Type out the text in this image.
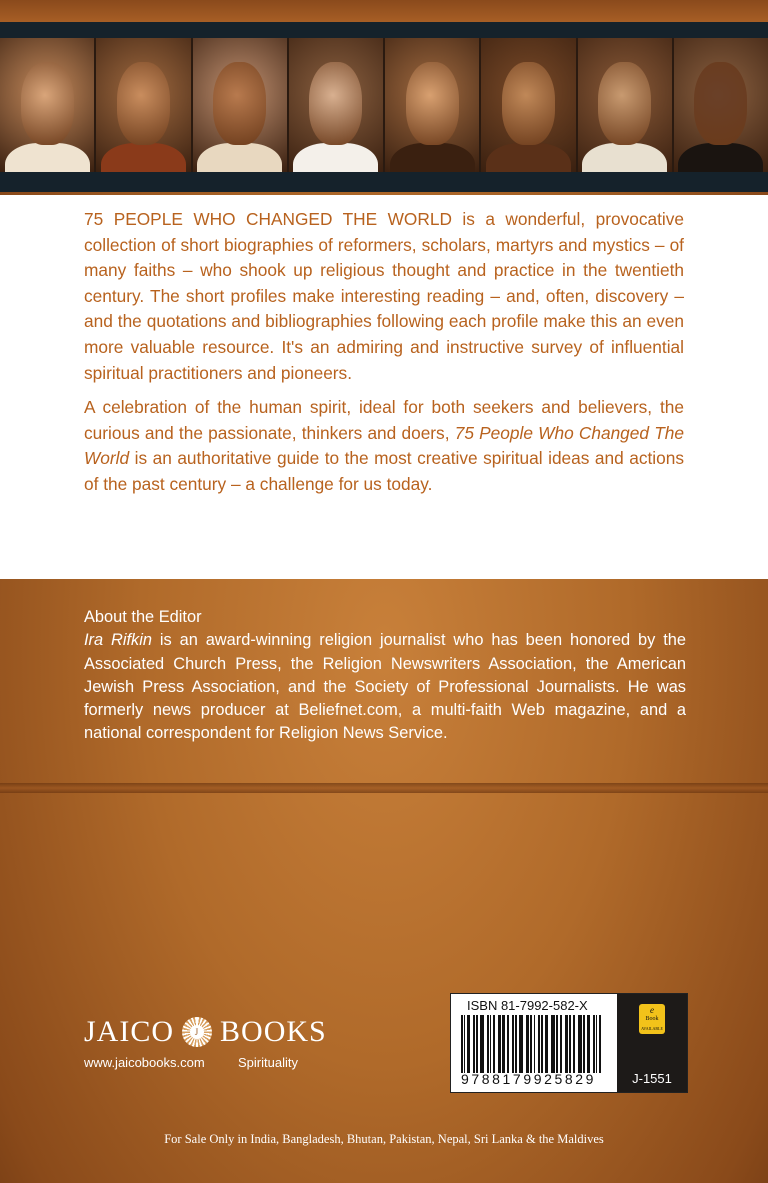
75 PEOPLE WHO CHANGED THE WORLD is a wonderful, provocative collection of short biographies of reformers, scholars, martyrs and mystics – of many faiths – who shook up religious thought and practice in the twentieth century. The short profiles make interesting reading – and, often, discovery – and the quotations and bibliographies following each profile make this an even more valuable resource. It's an admiring and instructive survey of influential spiritual practitioners and pioneers.

A celebration of the human spirit, ideal for both seekers and believers, the curious and the passionate, thinkers and doers, 75 People Who Changed The World is an authoritative guide to the most creative spiritual ideas and actions of the past century – a challenge for us today.

About the Editor
Ira Rifkin is an award-winning religion journalist who has been honored by the Associated Church Press, the Religion Newswriters Association, the American Jewish Press Association, and the Society of Professional Journalists. He was formerly news producer at Beliefnet.com, a multi-faith Web magazine, and a national correspondent for Religion News Service.
JAICO	J BOOKS
www.jaicobooks.com	Spirituality
ISBN 81-7992-582-X
9788179925829
e
Book
AVAILABLE
J-1551
For Sale Only in India, Bangladesh, Bhutan, Pakistan, Nepal, Sri Lanka & the Maldives
